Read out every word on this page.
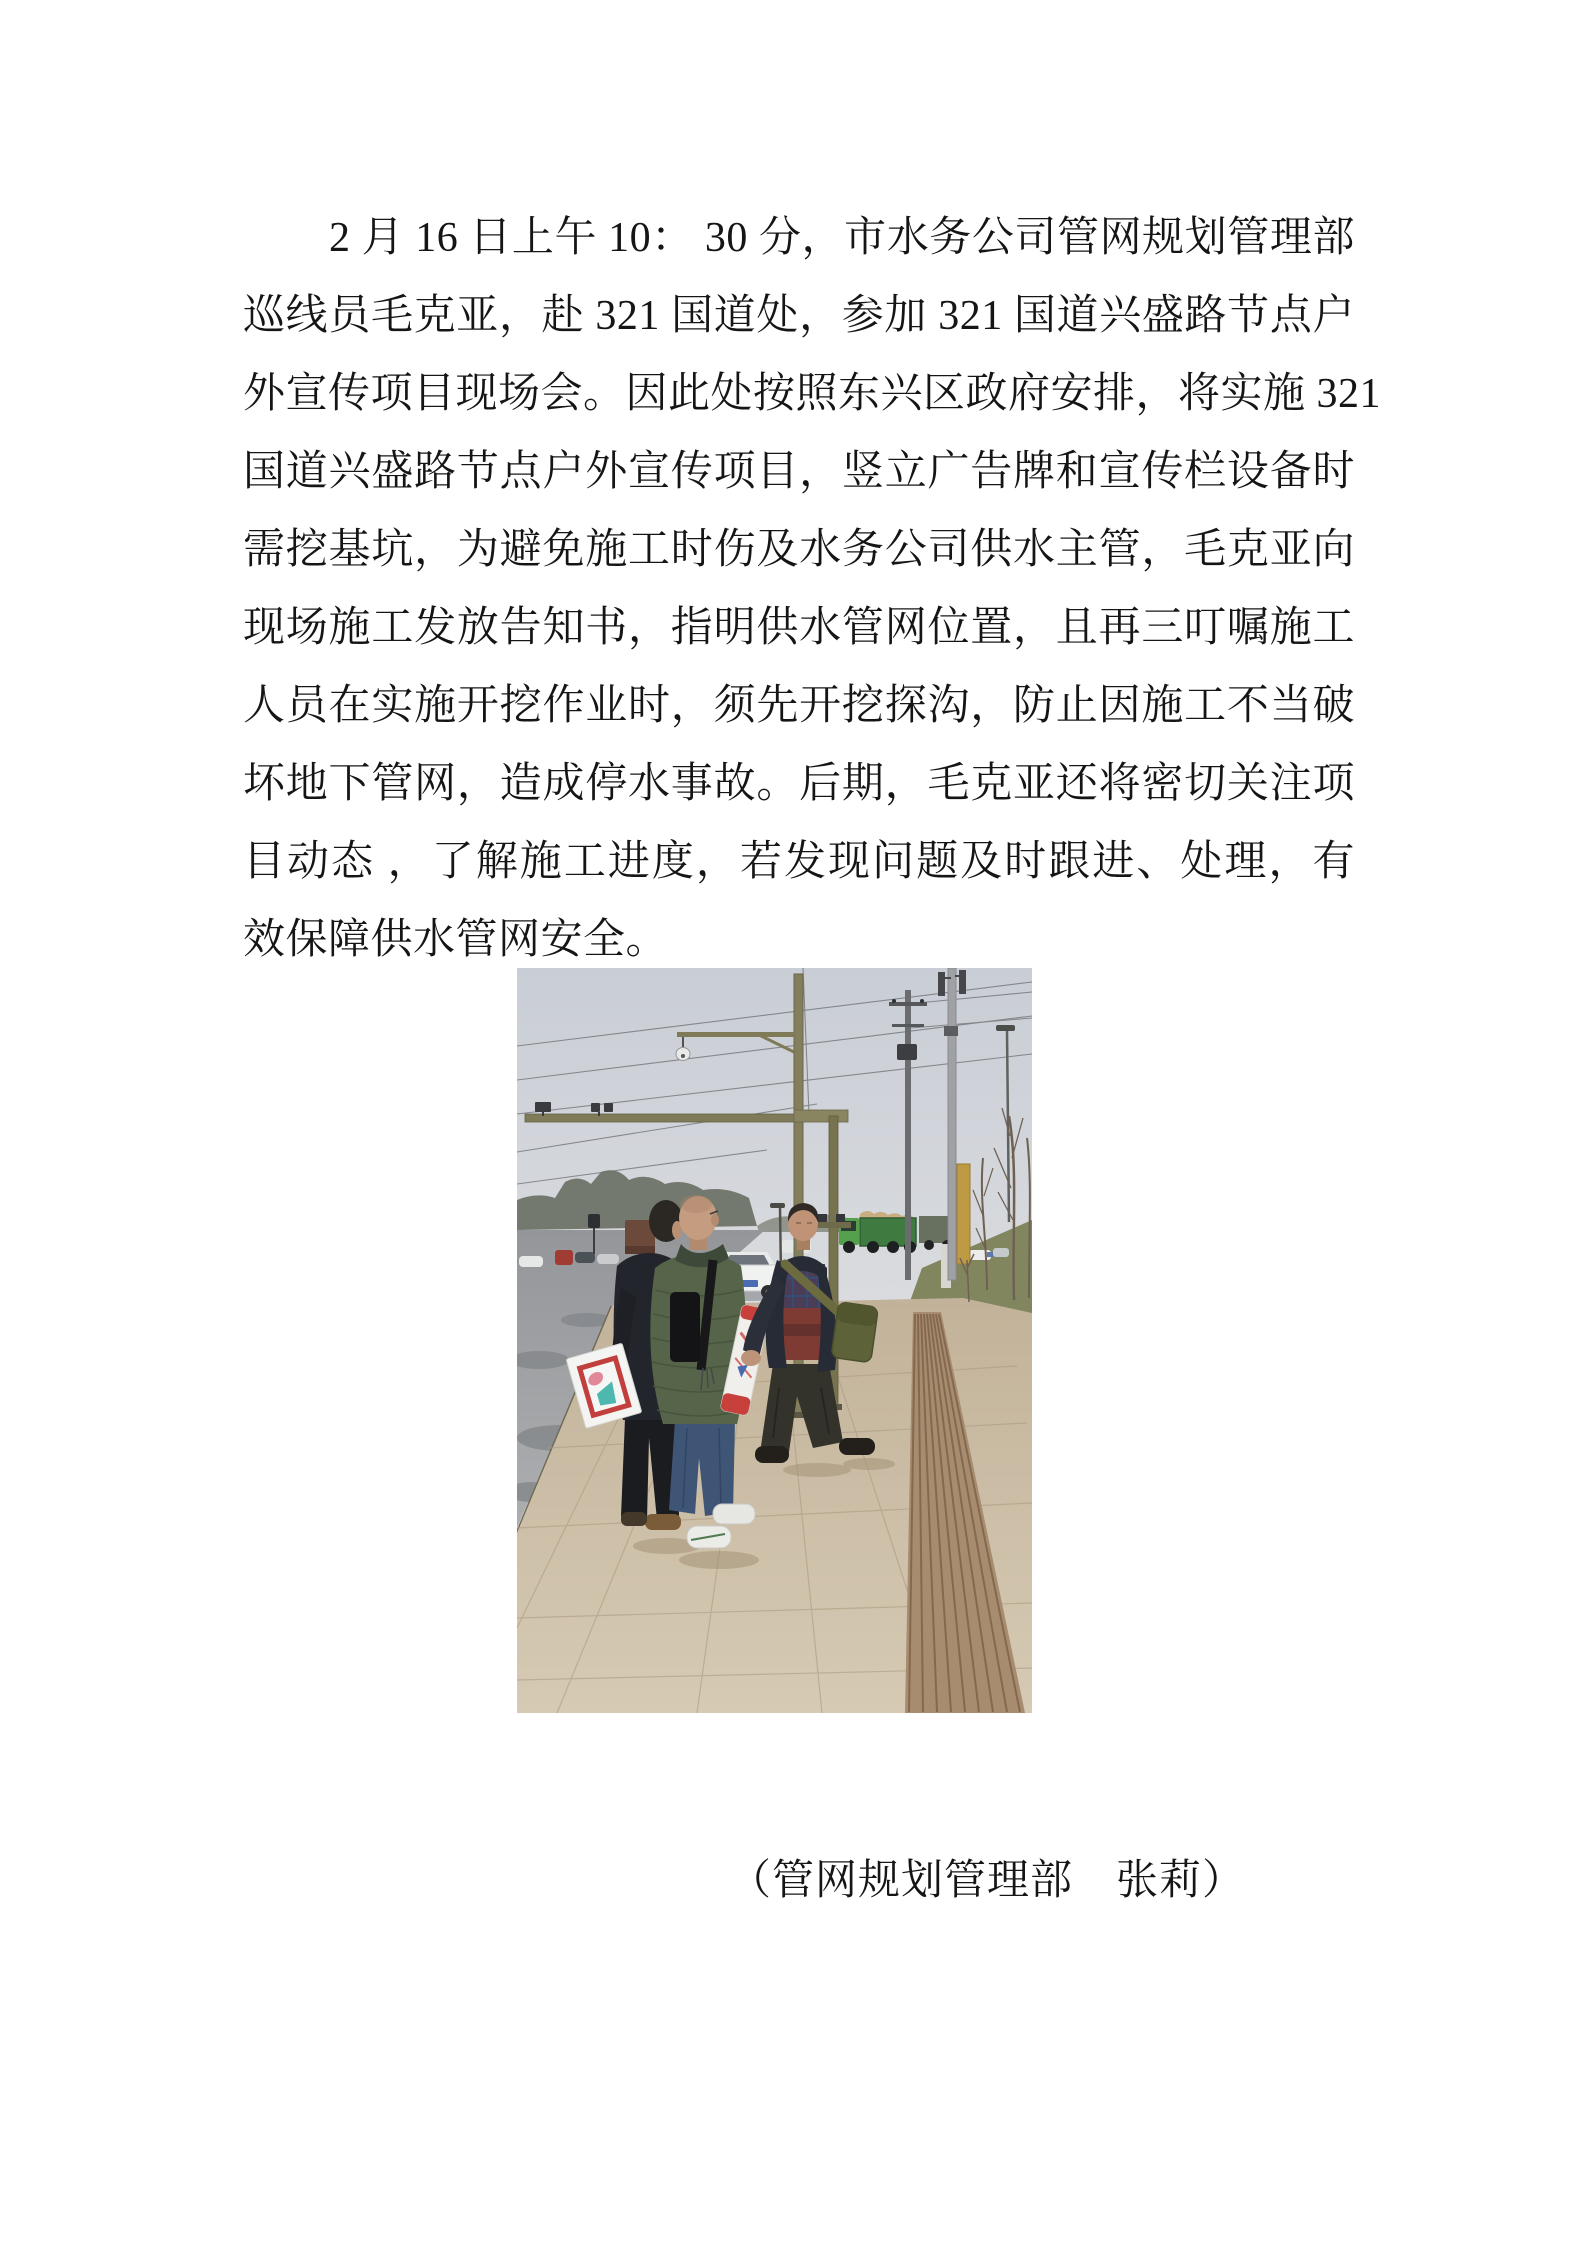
2 月 16 日上午 10： 30 分，市水务公司管网规划管理部
巡线员毛克亚，赴 321 国道处，参加 321 国道兴盛路节点户
外宣传项目现场会。因此处按照东兴区政府安排，将实施 321
国道兴盛路节点户外宣传项目，竖立广告牌和宣传栏设备时
需挖基坑，为避免施工时伤及水务公司供水主管，毛克亚向
现场施工发放告知书，指明供水管网位置，且再三叮嘱施工
人员在实施开挖作业时，须先开挖探沟，防止因施工不当破
坏地下管网，造成停水事故。后期，毛克亚还将密切关注项
目动态 ，了解施工进度，若发现问题及时跟进、处理，有
效保障供水管网安全。
（管网规划管理部　张莉）
